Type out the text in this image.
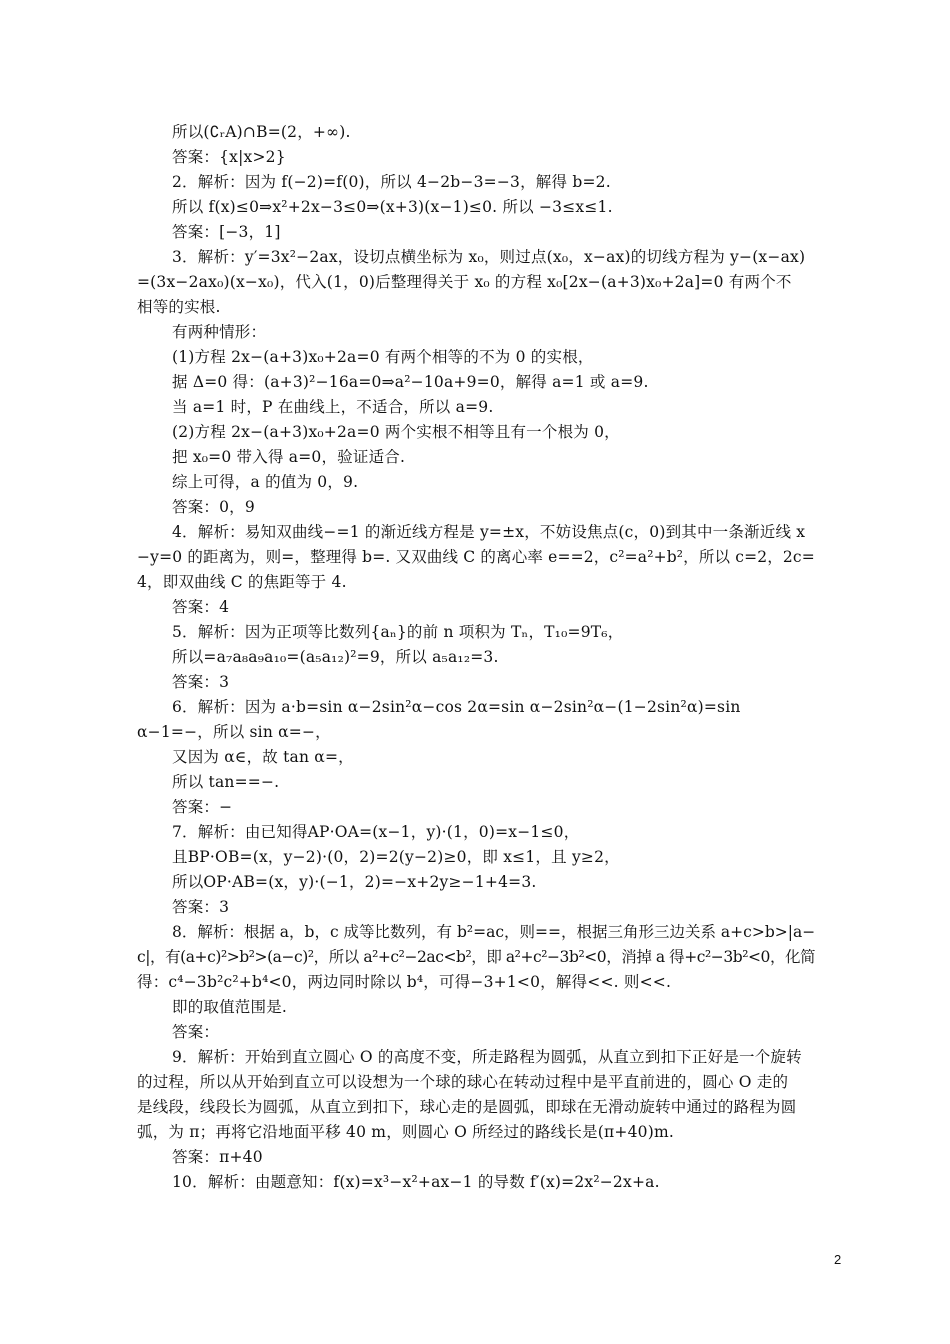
所以(∁ᵣA)∩B=(2，+∞).
答案：{x|x>2}
2．解析：因为 f(−2)=f(0)，所以 4−2b−3=−3，解得 b=2.
所以 f(x)≤0⇒x²+2x−3≤0⇒(x+3)(x−1)≤0. 所以 −3≤x≤1.
答案：[−3，1]
3．解析：y′=3x²−2ax，设切点横坐标为 x₀，则过点(x₀，x−ax)的切线方程为 y−(x−ax)
=(3x−2ax₀)(x−x₀)，代入(1，0)后整理得关于 x₀ 的方程 x₀[2x−(a+3)x₀+2a]=0 有两个不
相等的实根.
有两种情形：
(1)方程 2x−(a+3)x₀+2a=0 有两个相等的不为 0 的实根，
据 Δ=0 得：(a+3)²−16a=0⇒a²−10a+9=0，解得 a=1 或 a=9.
当 a=1 时，P 在曲线上，不适合，所以 a=9.
(2)方程 2x−(a+3)x₀+2a=0 两个实根不相等且有一个根为 0，
把 x₀=0 带入得 a=0，验证适合.
综上可得，a 的值为 0，9.
答案：0，9
4．解析：易知双曲线−=1 的渐近线方程是 y=±x，不妨设焦点(c，0)到其中一条渐近线 x
−y=0 的距离为，则=，整理得 b=. 又双曲线 C 的离心率 e==2，c²=a²+b²，所以 c=2，2c=
4，即双曲线 C 的焦距等于 4.
答案：4
5．解析：因为正项等比数列{aₙ}的前 n 项积为 Tₙ，T₁₀=9T₆，
所以=a₇a₈a₉a₁₀=(a₅a₁₂)²=9，所以 a₅a₁₂=3.
答案：3
6．解析：因为 a·b=sin α−2sin²α−cos 2α=sin α−2sin²α−(1−2sin²α)=sin
α−1=−，所以 sin α=−，
又因为 α∈，故 tan α=，
所以 tan==−.
答案：−
7．解析：由已知得AP·OA=(x−1，y)·(1，0)=x−1≤0，
且BP·OB=(x，y−2)·(0，2)=2(y−2)≥0，即 x≤1，且 y≥2，
所以OP·AB=(x，y)·(−1，2)=−x+2y≥−1+4=3.
答案：3
8．解析：根据 a，b，c 成等比数列，有 b²=ac，则==，根据三角形三边关系 a+c>b>|a−
c|，有(a+c)²>b²>(a−c)²，所以 a²+c²−2ac<b²，即 a²+c²−3b²<0，消掉 a 得+c²−3b²<0，化简
得：c⁴−3b²c²+b⁴<0，两边同时除以 b⁴，可得−3+1<0，解得<<. 则<<.
即的取值范围是.
答案：
9．解析：开始到直立圆心 O 的高度不变，所走路程为圆弧，从直立到扣下正好是一个旋转
的过程，所以从开始到直立可以设想为一个球的球心在转动过程中是平直前进的，圆心 O 走的
是线段，线段长为圆弧，从直立到扣下，球心走的是圆弧，即球在无滑动旋转中通过的路程为圆
弧，为 π；再将它沿地面平移 40 m，则圆心 O 所经过的路线长是(π+40)m.
答案：π+40
10．解析：由题意知：f(x)=x³−x²+ax−1 的导数 f′(x)=2x²−2x+a.
2
